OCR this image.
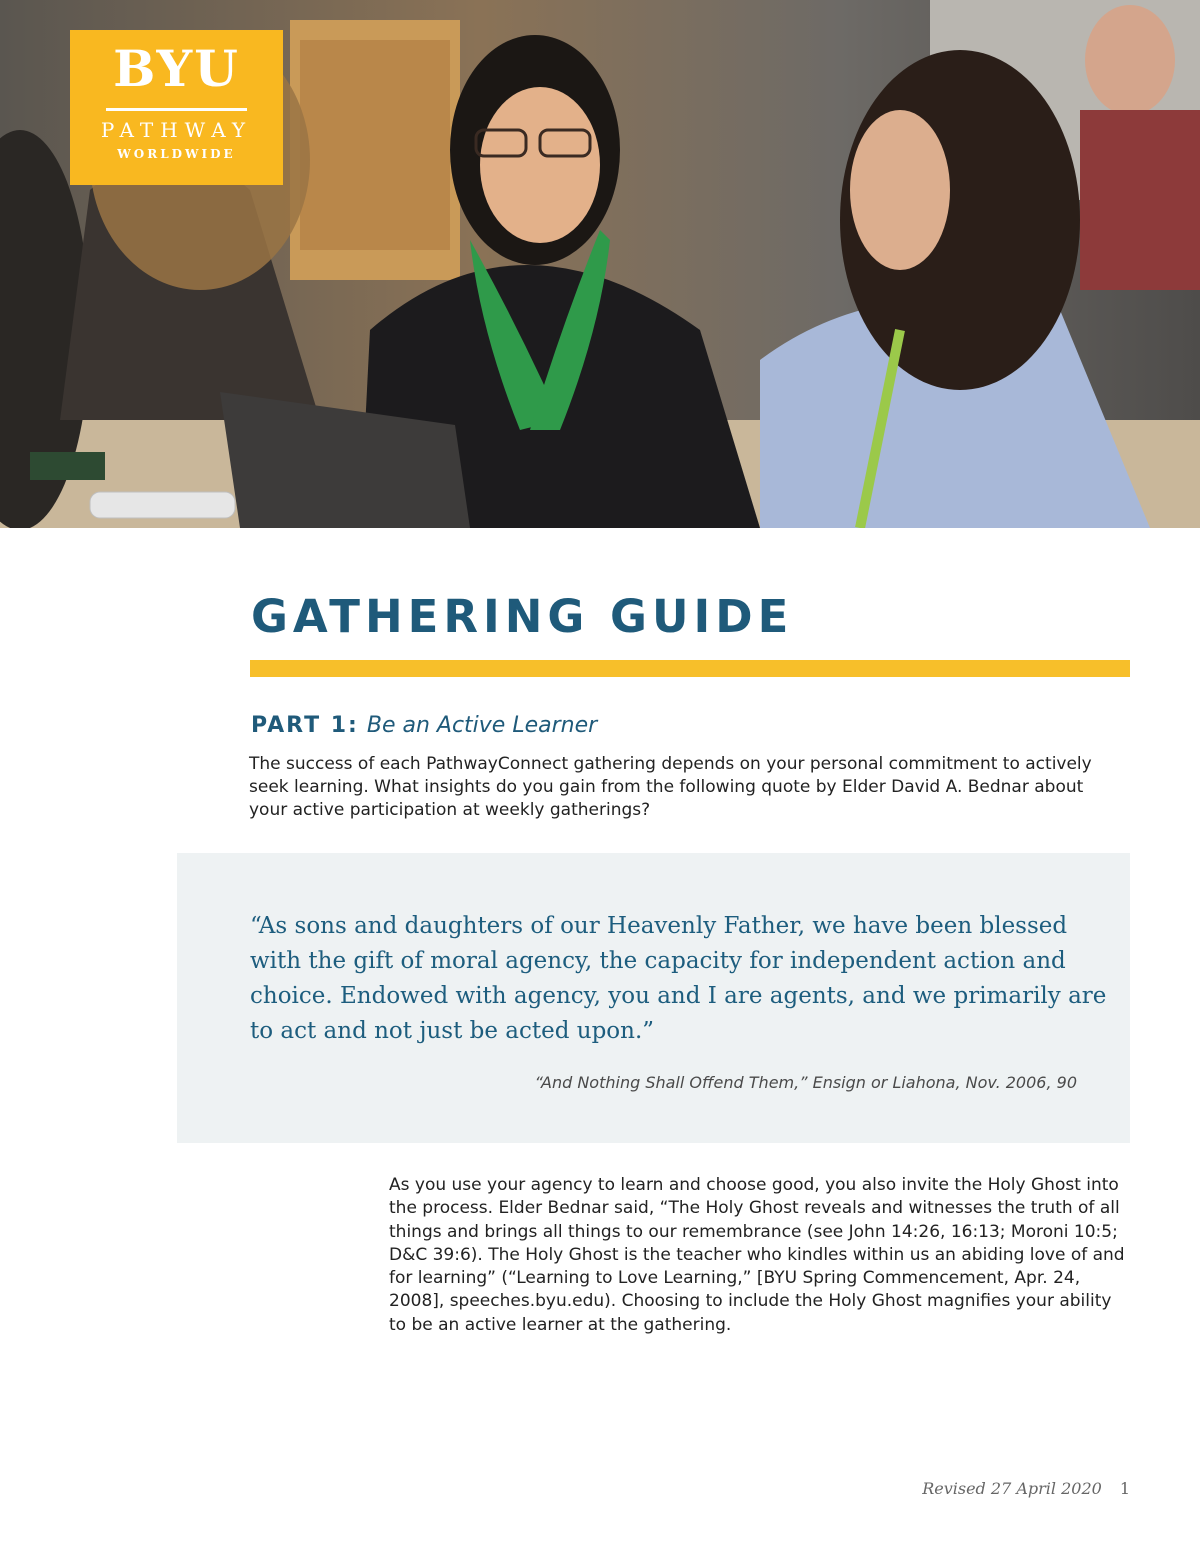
BYU
PATHWAY
WORLDWIDE
GATHERING GUIDE
PART 1: Be an Active Learner

The success of each PathwayConnect gathering depends on your personal commitment to actively seek learning. What insights do you gain from the following quote by Elder David A. Bednar about your active participation at weekly gatherings?

“As sons and daughters of our Heavenly Father, we have been blessed with the gift of moral agency, the capacity for independent action and choice. Endowed with agency, you and I are agents, and we primarily are to act and not just be acted upon.”

“And Nothing Shall Offend Them,” Ensign or Liahona, Nov. 2006, 90

As you use your agency to learn and choose good, you also invite the Holy Ghost into the process. Elder Bednar said, “The Holy Ghost reveals and witnesses the truth of all things and brings all things to our remembrance (see John 14:26, 16:13; Moroni 10:5; D&C 39:6). The Holy Ghost is the teacher who kindles within us an abiding love of and for learning” (“Learning to Love Learning,” [BYU Spring Commencement, Apr. 24, 2008], speeches.byu.edu). Choosing to include the Holy Ghost magnifies your ability to be an active learner at the gathering.

Revised 27 April 2020 1
